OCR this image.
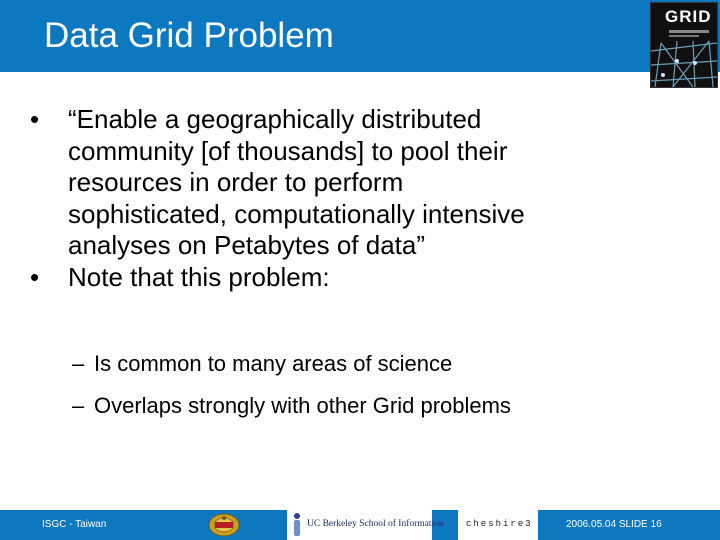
Data Grid Problem	GRID
• “Enable a geographically distributed
community [of thousands] to pool their
resources in order to perform
sophisticated, computationally intensive
analyses on Petabytes of data”
• Note that this problem:
– Is common to many areas of science
– Overlaps strongly with other Grid problems
ISGC - Taiwan	UC Berkeley School of Information cheshire3	2006.05.04 SLIDE 16
